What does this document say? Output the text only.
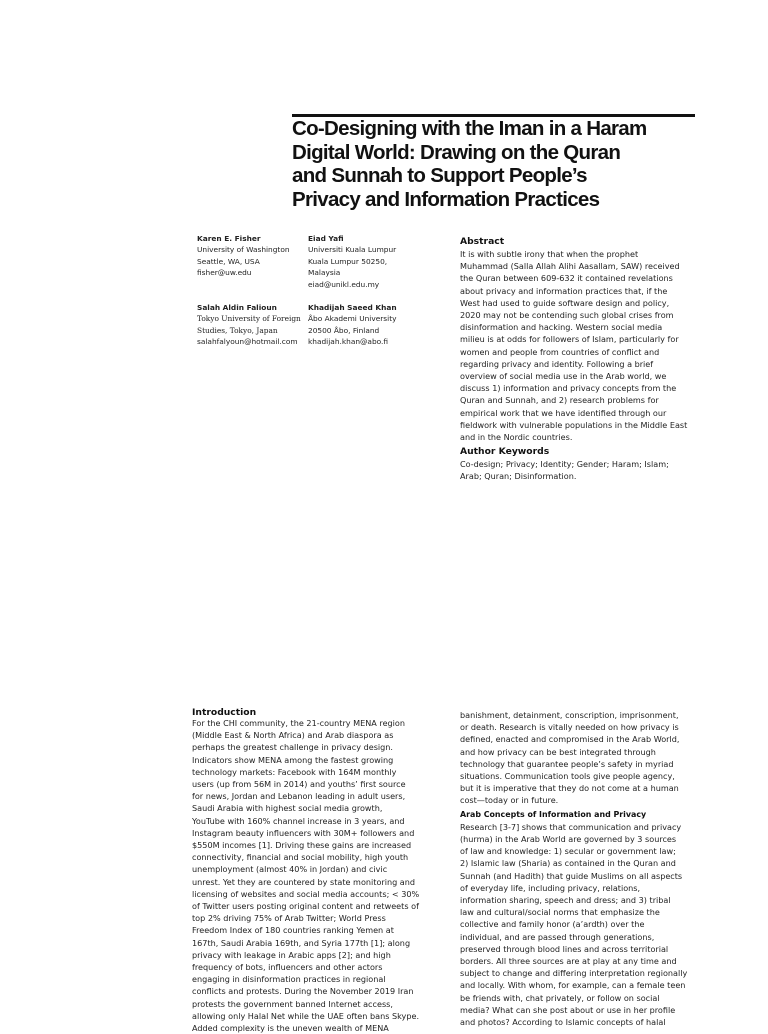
Co-Designing with the Iman in a Haram
Digital World: Drawing on the Quran
and Sunnah to Support People’s
Privacy and Information Practices
Karen E. Fisher
University of Washington
Seattle, WA, USA
fisher@uw.edu
Eiad Yafi
Universiti Kuala Lumpur
Kuala Lumpur 50250,
Malaysia
eiad@unikl.edu.my
Salah Aldin Falioun
Tokyo University of Foreign
Studies, Tokyo, Japan
salahfalyoun@hotmail.com
Khadijah Saeed Khan
Åbo Akademi University
20500 Åbo, Finland
khadijah.khan@abo.fi
Abstract
It is with subtle irony that when the prophet
Muhammad (Salla Allah Alihi Aasallam, SAW) received
the Quran between 609-632 it contained revelations
about privacy and information practices that, if the
West had used to guide software design and policy,
2020 may not be contending such global crises from
disinformation and hacking. Western social media
milieu is at odds for followers of Islam, particularly for
women and people from countries of conflict and
regarding privacy and identity. Following a brief
overview of social media use in the Arab world, we
discuss 1) information and privacy concepts from the
Quran and Sunnah, and 2) research problems for
empirical work that we have identified through our
fieldwork with vulnerable populations in the Middle East
and in the Nordic countries.
Author Keywords
Co-design; Privacy; Identity; Gender; Haram; Islam;
Arab; Quran; Disinformation.
Introduction
For the CHI community, the 21-country MENA region
(Middle East & North Africa) and Arab diaspora as
perhaps the greatest challenge in privacy design.
Indicators show MENA among the fastest growing
technology markets: Facebook with 164M monthly
users (up from 56M in 2014) and youths’ first source
for news, Jordan and Lebanon leading in adult users,
Saudi Arabia with highest social media growth,
YouTube with 160% channel increase in 3 years, and
Instagram beauty influencers with 30M+ followers and
$550M incomes [1]. Driving these gains are increased
connectivity, financial and social mobility, high youth
unemployment (almost 40% in Jordan) and civic
unrest. Yet they are countered by state monitoring and
licensing of websites and social media accounts; < 30%
of Twitter users posting original content and retweets of
top 2% driving 75% of Arab Twitter; World Press
Freedom Index of 180 countries ranking Yemen at
167th, Saudi Arabia 169th, and Syria 177th [1]; along
privacy with leakage in Arabic apps [2]; and high
frequency of bots, influencers and other actors
engaging in disinformation practices in regional
conflicts and protests. During the November 2019 Iran
protests the government banned Internet access,
allowing only Halal Net while the UAE often bans Skype.
Added complexity is the uneven wealth of MENA
banishment, detainment, conscription, imprisonment,
or death. Research is vitally needed on how privacy is
defined, enacted and compromised in the Arab World,
and how privacy can be best integrated through
technology that guarantee people’s safety in myriad
situations. Communication tools give people agency,
but it is imperative that they do not come at a human
cost—today or in future.
Arab Concepts of Information and Privacy
Research [3-7] shows that communication and privacy
(hurma) in the Arab World are governed by 3 sources
of law and knowledge: 1) secular or government law;
2) Islamic law (Sharia) as contained in the Quran and
Sunnah (and Hadith) that guide Muslims on all aspects
of everyday life, including privacy, relations,
information sharing, speech and dress; and 3) tribal
law and cultural/social norms that emphasize the
collective and family honor (a’ardth) over the
individual, and are passed through generations,
preserved through blood lines and across territorial
borders. All three sources are at play at any time and
subject to change and differing interpretation regionally
and locally. With whom, for example, can a female teen
be friends with, chat privately, or follow on social
media? What can she post about or use in her profile
and photos? According to Islamic concepts of halal
